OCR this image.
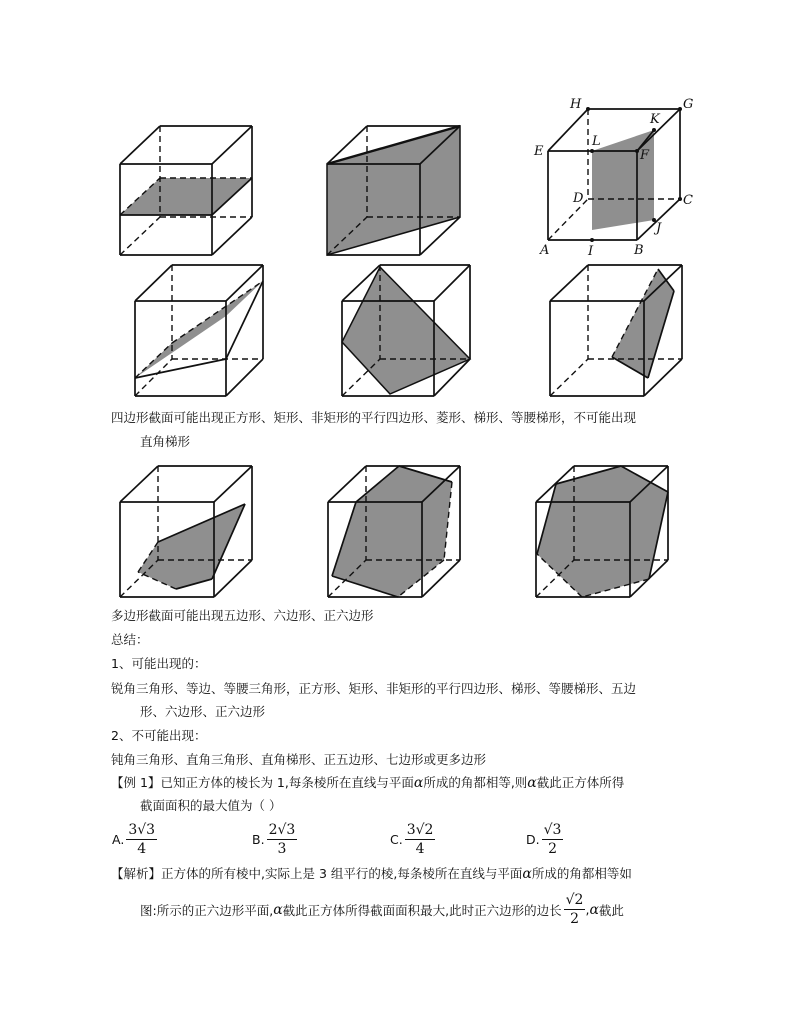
H	G
K
E
L
F
D	C
J
A	I	B
四边形截面可能出现正方形、矩形、非矩形的平行四边形、菱形、梯形、等腰梯形，不可能出现
直角梯形
多边形截面可能出现五边形、六边形、正六边形
总结：
1、可能出现的：
锐角三角形、等边、等腰三角形，正方形、矩形、非矩形的平行四边形、梯形、等腰梯形、五边
形、六边形、正六边形
2、不可能出现：
钝角三角形、直角三角形、直角梯形、正五边形、七边形或更多边形
【例 1】已知正方体的棱长为 1,每条棱所在直线与平面α所成的角都相等,则α截此正方体所得
截面面积的最大值为（ ）
A. $\frac{3√3}{4}$	B. $\frac{2√3}{3}$	C. $\frac{3√2}{4}$	D. $\frac{√3}{2}$
【解析】正方体的所有棱中,实际上是 3 组平行的棱,每条棱所在直线与平面α所成的角都相等如
图:所示的正六边形平面, α 截此正方体所得截面面积最大,此时正六边形的边长 $\frac{√2}{2}$ , α 截此
